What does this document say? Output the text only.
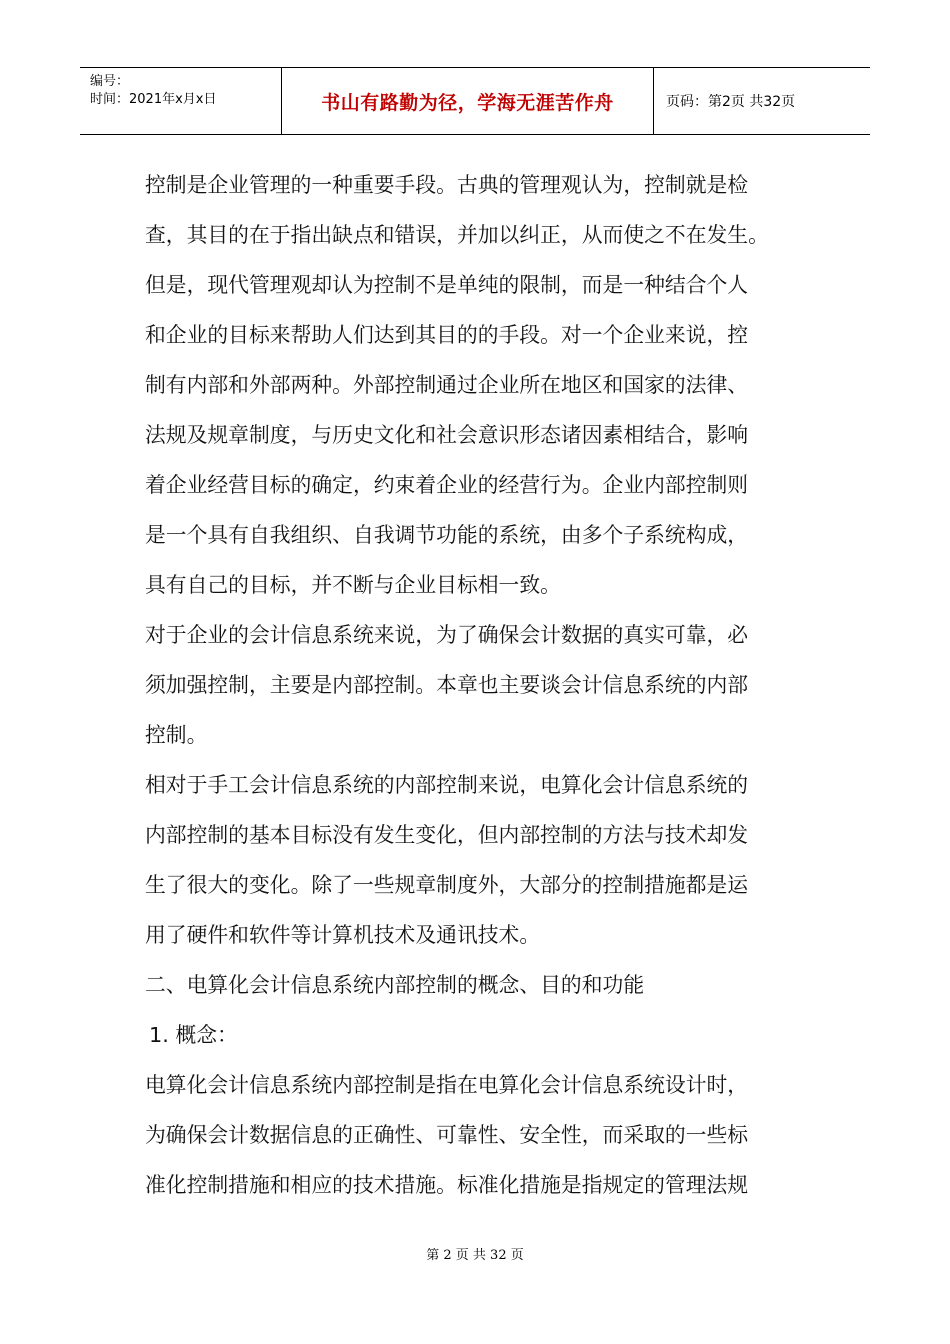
编号：
时间：2021年x月x日	书山有路勤为径，学海无涯苦作舟	页码：第2页 共32页
控制是企业管理的一种重要手段。古典的管理观认为，控制就是检
查，其目的在于指出缺点和错误，并加以纠正，从而使之不在发生。
但是，现代管理观却认为控制不是单纯的限制，而是一种结合个人
和企业的目标来帮助人们达到其目的的手段。对一个企业来说，控
制有内部和外部两种。外部控制通过企业所在地区和国家的法律、
法规及规章制度，与历史文化和社会意识形态诸因素相结合，影响
着企业经营目标的确定，约束着企业的经营行为。企业内部控制则
是一个具有自我组织、自我调节功能的系统，由多个子系统构成，
具有自己的目标，并不断与企业目标相一致。
对于企业的会计信息系统来说，为了确保会计数据的真实可靠，必
须加强控制，主要是内部控制。本章也主要谈会计信息系统的内部
控制。
相对于手工会计信息系统的内部控制来说，电算化会计信息系统的
内部控制的基本目标没有发生变化，但内部控制的方法与技术却发
生了很大的变化。除了一些规章制度外，大部分的控制措施都是运
用了硬件和软件等计算机技术及通讯技术。
二、电算化会计信息系统内部控制的概念、目的和功能
1. 概念：
电算化会计信息系统内部控制是指在电算化会计信息系统设计时，
为确保会计数据信息的正确性、可靠性、安全性，而采取的一些标
准化控制措施和相应的技术措施。标准化措施是指规定的管理法规
第 2 页 共 32 页
